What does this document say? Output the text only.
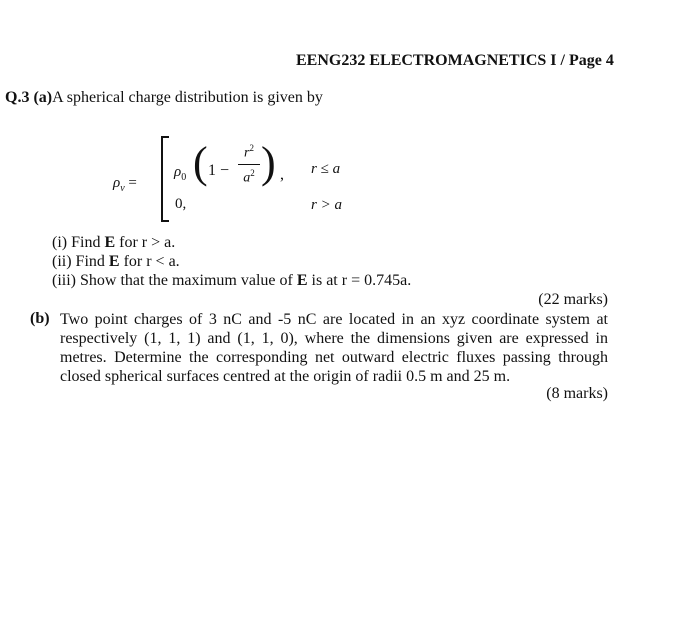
EENG232 ELECTROMAGNETICS I / Page 4
Q.3 (a)A spherical charge distribution is given by
$\rho_v$ =
$\rho_0$ ( 1 −
$r^2$
$a^2$ ) , r ≤ a
0,	r > a
(i) Find E for r > a.
(ii) Find E for r < a.
(iii) Show that the maximum value of E is at r = 0.745a.
(22 marks)
(b) Two point charges of 3 nC and -5 nC are located in an xyz coordinate system at respectively (1, 1, 1) and (1, 1, 0), where the dimensions given are expressed in metres. Determine the corresponding net outward electric fluxes passing through closed spherical surfaces centred at the origin of radii 0.5 m and 25 m.
(8 marks)
